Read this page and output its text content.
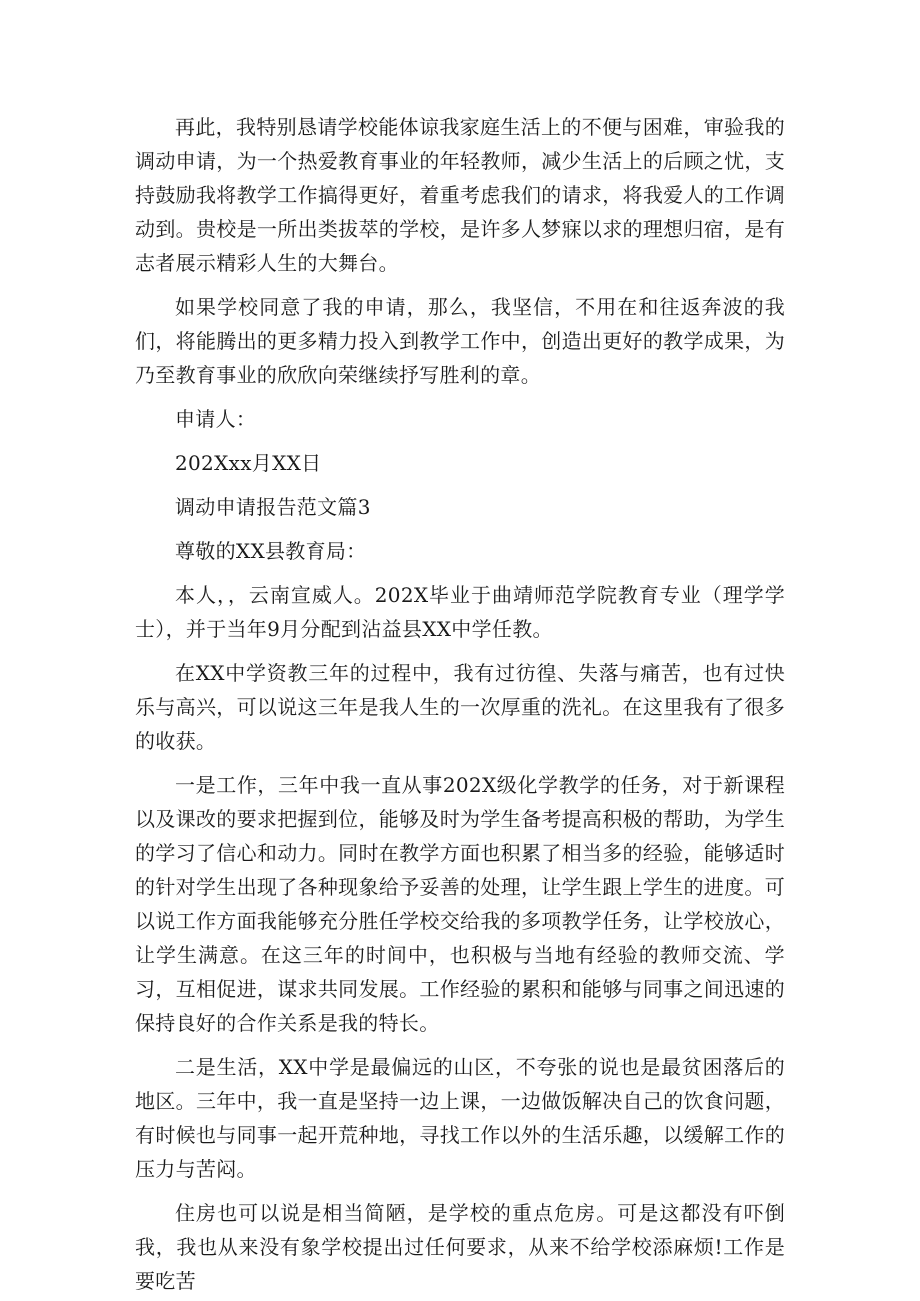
再此，我特别恳请学校能体谅我家庭生活上的不便与困难，审验我的调动申请，为一个热爱教育事业的年轻教师，减少生活上的后顾之忧，支持鼓励我将教学工作搞得更好，着重考虑我们的请求，将我爱人的工作调动到。贵校是一所出类拔萃的学校，是许多人梦寐以求的理想归宿，是有志者展示精彩人生的大舞台。

如果学校同意了我的申请，那么，我坚信，不用在和往返奔波的我们，将能腾出的更多精力投入到教学工作中，创造出更好的教学成果，为乃至教育事业的欣欣向荣继续抒写胜利的章。

申请人：

202Xxx月XX日

调动申请报告范文篇3

尊敬的XX县教育局：

本人，，云南宣威人。202X毕业于曲靖师范学院教育专业（理学学士），并于当年9月分配到沾益县XX中学任教。

在XX中学资教三年的过程中，我有过彷徨、失落与痛苦，也有过快乐与高兴，可以说这三年是我人生的一次厚重的洗礼。在这里我有了很多的收获。

一是工作，三年中我一直从事202X级化学教学的任务，对于新课程以及课改的要求把握到位，能够及时为学生备考提高积极的帮助，为学生的学习了信心和动力。同时在教学方面也积累了相当多的经验，能够适时的针对学生出现了各种现象给予妥善的处理，让学生跟上学生的进度。可以说工作方面我能够充分胜任学校交给我的多项教学任务，让学校放心，让学生满意。在这三年的时间中，也积极与当地有经验的教师交流、学习，互相促进，谋求共同发展。工作经验的累积和能够与同事之间迅速的保持良好的合作关系是我的特长。

二是生活，XX中学是最偏远的山区，不夸张的说也是最贫困落后的地区。三年中，我一直是坚持一边上课，一边做饭解决自己的饮食问题，有时候也与同事一起开荒种地，寻找工作以外的生活乐趣，以缓解工作的压力与苦闷。

住房也可以说是相当简陋，是学校的重点危房。可是这都没有吓倒我，我也从来没有象学校提出过任何要求，从来不给学校添麻烦!工作是要吃苦
